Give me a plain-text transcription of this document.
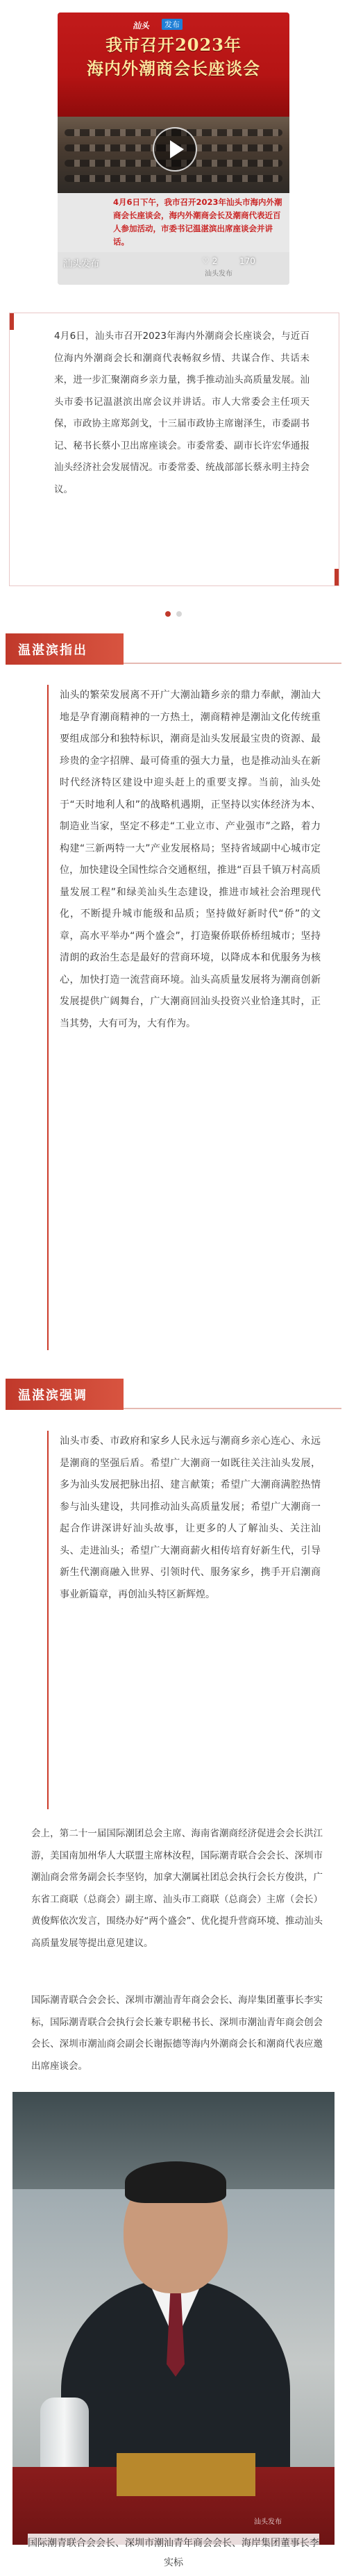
汕头	发布
我市召开2023年
海内外潮商会长座谈会
4月6日下午，我市召开2023年汕头市海内外潮商会长座谈会，海内外潮商会长及潮商代表近百人参加活动，市委书记温湛滨出席座谈会并讲话。
汕头发布	♡ 2	170
汕头发布
4月6日，汕头市召开2023年海内外潮商会长座谈会，与近百位海内外潮商会长和潮商代表畅叙乡情、共谋合作、共话未来，进一步汇聚潮商乡亲力量，携手推动汕头高质量发展。汕头市委书记温湛滨出席会议并讲话。市人大常委会主任项天保，市政协主席郑剑戈，十三届市政协主席谢泽生，市委副书记、秘书长蔡小卫出席座谈会。市委常委、副市长许宏华通报汕头经济社会发展情况。市委常委、统战部部长蔡永明主持会议。
温湛滨指出
汕头的繁荣发展离不开广大潮汕籍乡亲的鼎力奉献，潮汕大地是孕育潮商精神的一方热土，潮商精神是潮汕文化传统重要组成部分和独特标识，潮商是汕头发展最宝贵的资源、最珍贵的金字招牌、最可倚重的强大力量，也是推动汕头在新时代经济特区建设中迎头赶上的重要支撑。当前，汕头处于“天时地利人和”的战略机遇期，正坚持以实体经济为本、制造业当家，坚定不移走“工业立市、产业强市”之路，着力构建“三新两特一大”产业发展格局；坚持省域副中心城市定位，加快建设全国性综合交通枢纽，推进“百县千镇万村高质量发展工程”和绿美汕头生态建设，推进市域社会治理现代化，不断提升城市能级和品质；坚持做好新时代“侨”的文章，高水平举办“两个盛会”，打造聚侨联侨桥纽城市；坚持清朗的政治生态是最好的营商环境，以降成本和优服务为核心，加快打造一流营商环境。汕头高质量发展将为潮商创新发展提供广阔舞台，广大潮商回汕头投资兴业恰逢其时，正当其势，大有可为，大有作为。
温湛滨强调
汕头市委、市政府和家乡人民永远与潮商乡亲心连心、永远是潮商的坚强后盾。希望广大潮商一如既往关注汕头发展，多为汕头发展把脉出招、建言献策；希望广大潮商满腔热情参与汕头建设，共同推动汕头高质量发展；希望广大潮商一起合作讲深讲好汕头故事，让更多的人了解汕头、关注汕头、走进汕头；希望广大潮商薪火相传培育好新生代，引导新生代潮商融入世界、引领时代、服务家乡，携手开启潮商事业新篇章，再创汕头特区新辉煌。
会上，第二十一届国际潮团总会主席、海南省潮商经济促进会会长洪江游，美国南加州华人大联盟主席林汝程，国际潮青联合会会长、深圳市潮汕商会常务副会长李坚钧，加拿大潮属社团总会执行会长方俊洪，广东省工商联（总商会）副主席、汕头市工商联（总商会）主席（会长）黄俊辉依次发言，围绕办好“两个盛会”、优化提升营商环境、推动汕头高质量发展等提出意见建议。
国际潮青联合会会长、深圳市潮汕青年商会会长、海岸集团董事长李实标，国际潮青联合会执行会长兼专职秘书长、深圳市潮汕青年商会创会会长、深圳市潮汕商会副会长谢振德等海内外潮商会长和潮商代表应邀出席座谈会。
汕头发布
国际潮青联合会会长、深圳市潮汕青年商会会长、海岸集团董事长李实标
